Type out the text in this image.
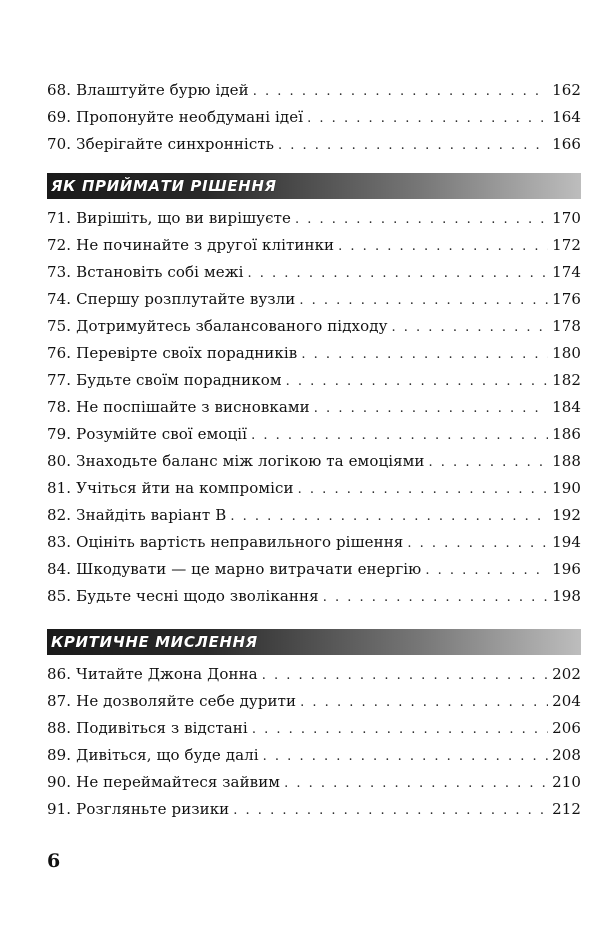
68. Влаштуйте бурю ідей . . .	162
69. Пропонуйте необдумані ідеї . . .	164
70. Зберігайте синхронність . . .	166
ЯК ПРИЙМАТИ РІШЕННЯ
71. Вирішіть, що ви вирішуєте . . .	170
72. Не починайте з другої клітинки . . .	172
73. Встановіть собі межі . . .	174
74. Спершу розплутайте вузли . . .	176
75. Дотримуйтесь збалансованого підходу . . .	178
76. Перевірте своїх порадників . . .	180
77. Будьте своїм порадником . . .	182
78. Не поспішайте з висновками . . .	184
79. Розумійте свої емоції . . .	186
80. Знаходьте баланс між логікою та емоціями . . .	188
81. Учіться йти на компроміси . . .	190
82. Знайдіть варіант B . . .	192
83. Оцініть вартість неправильного рішення . . .	194
84. Шкодувати — це марно витрачати енергію . . .	196
85. Будьте чесні щодо зволікання . . .	198
КРИТИЧНЕ МИСЛЕННЯ
86. Читайте Джона Донна . . .	202
87. Не дозволяйте себе дурити . . .	204
88. Подивіться з відстані . . .	206
89. Дивіться, що буде далі . . .	208
90. Не переймайтеся зайвим . . .	210
91. Розгляньте ризики . . .	212
6
